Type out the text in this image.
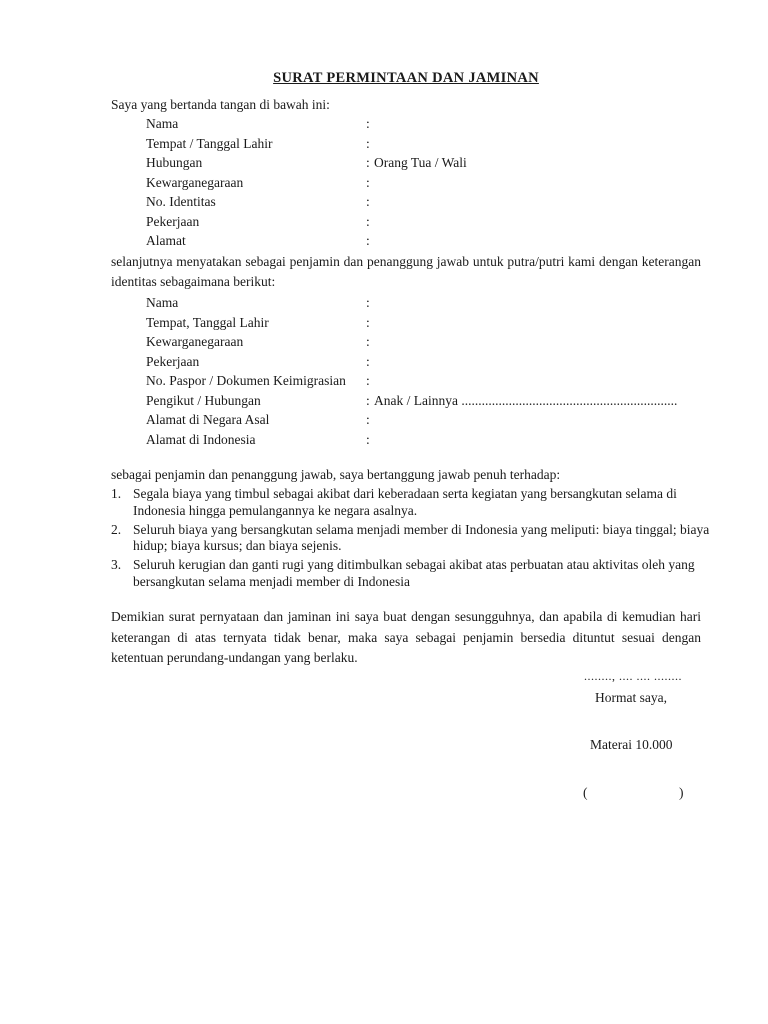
SURAT PERMINTAAN DAN JAMINAN
Saya yang bertanda tangan di bawah ini:
Nama	:
Tempat / Tanggal Lahir	:
Hubungan	: Orang Tua / Wali
Kewarganegaraan	:
No. Identitas	:
Pekerjaan	:
Alamat	:
selanjutnya menyatakan sebagai penjamin dan penanggung jawab untuk putra/putri kami dengan keterangan identitas sebagaimana berikut:
Nama	:
Tempat, Tanggal Lahir	:
Kewarganegaraan	:
Pekerjaan	:
No. Paspor / Dokumen Keimigrasian :
Pengikut / Hubungan	: Anak / Lainnya ................................................................
Alamat di Negara Asal	:
Alamat di Indonesia	:
sebagai penjamin dan penanggung jawab, saya bertanggung jawab penuh terhadap:
1. Segala biaya yang timbul sebagai akibat dari keberadaan serta kegiatan yang bersangkutan selama di Indonesia hingga pemulangannya ke negara asalnya.
2. Seluruh biaya yang bersangkutan selama menjadi member di Indonesia yang meliputi: biaya tinggal; biaya hidup; biaya kursus; dan biaya sejenis.
3. Seluruh kerugian dan ganti rugi yang ditimbulkan sebagai akibat atas perbuatan atau aktivitas oleh yang bersangkutan selama menjadi member di Indonesia
Demikian surat pernyataan dan jaminan ini saya buat dengan sesungguhnya, dan apabila di kemudian hari keterangan di atas ternyata tidak benar, maka saya sebagai penjamin bersedia dituntut sesuai dengan ketentuan perundang-undangan yang berlaku.
........, .... .... ........
Hormat saya,
Materai 10.000
(	)
